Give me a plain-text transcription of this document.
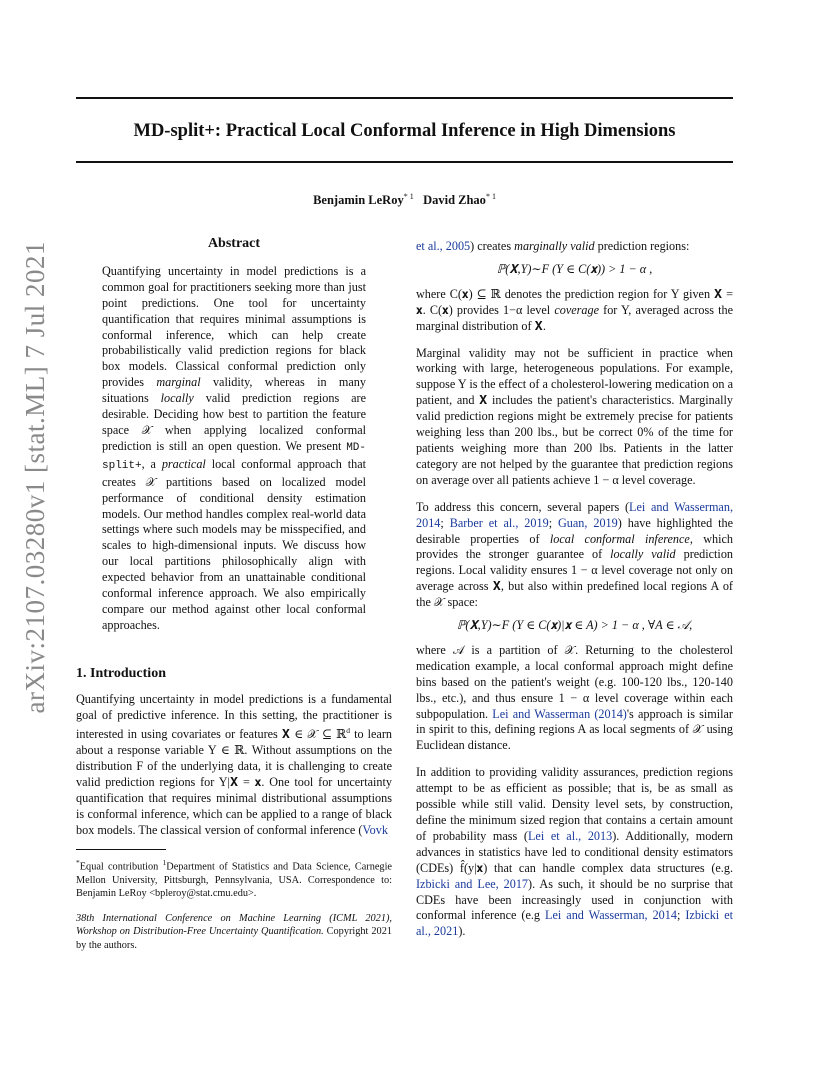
MD-split+: Practical Local Conformal Inference in High Dimensions
Benjamin LeRoy$^{* 1}$ David Zhao$^{* 1}$
arXiv:2107.03280v1 [stat.ML] 7 Jul 2021	Abstract

Quantifying uncertainty in model predictions is a common goal for practitioners seeking more than just point predictions. One tool for uncertainty quantification that requires minimal assumptions is conformal inference, which can help create probabilistically valid prediction regions for black box models. Classical conformal prediction only provides marginal validity, whereas in many situations locally valid prediction regions are desirable. Deciding how best to partition the feature space 𝒳 when applying localized conformal prediction is still an open question. We present MD-split+, a practical local conformal approach that creates 𝒳 partitions based on localized model performance of conditional density estimation models. Our method handles complex real-world data settings where such models may be misspecified, and scales to high-dimensional inputs. We discuss how our local partitions philosophically align with expected behavior from an unattainable conditional conformal inference approach. We also empirically compare our method against other local conformal approaches.

1. Introduction

Quantifying uncertainty in model predictions is a fundamental goal of predictive inference. In this setting, the practitioner is interested in using covariates or features 𝐗 ∈ 𝒳 ⊆ ℝ$^d$ to learn about a response variable Y ∈ ℝ. Without assumptions on the distribution F of the underlying data, it is challenging to create valid prediction regions for Y|𝐗 = 𝐱. One tool for uncertainty quantification that requires minimal distributional assumptions is conformal inference, which can be applied to a range of black box models. The classical version of conformal inference (Vovk

*Equal contribution $^1$Department of Statistics and Data Science, Carnegie Mellon University, Pittsburgh, Pennsylvania, USA. Correspondence to: Benjamin LeRoy <bpleroy@stat.cmu.edu>.

38th International Conference on Machine Learning (ICML 2021), Workshop on Distribution-Free Uncertainty Quantification. Copyright 2021 by the authors.

et al., 2005) creates marginally valid prediction regions:

ℙ(𝐗,Y)∼F (Y ∈ C(𝐱)) > 1 − α ,

where C(𝐱) ⊆ ℝ denotes the prediction region for Y given 𝐗 = 𝐱. C(𝐱) provides 1−α level coverage for Y, averaged across the marginal distribution of 𝐗.

Marginal validity may not be sufficient in practice when working with large, heterogeneous populations. For example, suppose Y is the effect of a cholesterol-lowering medication on a patient, and 𝐗 includes the patient's characteristics. Marginally valid prediction regions might be extremely precise for patients weighing less than 200 lbs., but be correct 0% of the time for patients weighing more than 200 lbs. Patients in the latter category are not helped by the guarantee that prediction regions on average over all patients achieve 1 − α level coverage.

To address this concern, several papers (Lei and Wasserman, 2014; Barber et al., 2019; Guan, 2019) have highlighted the desirable properties of local conformal inference, which provides the stronger guarantee of locally valid prediction regions. Local validity ensures 1 − α level coverage not only on average across 𝐗, but also within predefined local regions A of the 𝒳 space:

ℙ(𝐗,Y)∼F (Y ∈ C(𝐱)|𝐱 ∈ A) > 1 − α , ∀A ∈ 𝒜,

where 𝒜 is a partition of 𝒳. Returning to the cholesterol medication example, a local conformal approach might define bins based on the patient's weight (e.g. 100-120 lbs., 120-140 lbs., etc.), and thus ensure 1 − α level coverage within each subpopulation. Lei and Wasserman (2014)'s approach is similar in spirit to this, defining regions A as local segments of 𝒳 using Euclidean distance.

In addition to providing validity assurances, prediction regions attempt to be as efficient as possible; that is, be as small as possible while still valid. Density level sets, by construction, define the minimum sized region that contains a certain amount of probability mass (Lei et al., 2013). Additionally, modern advances in statistics have led to conditional density estimators (CDEs) f̂(y|𝐱) that can handle complex data structures (e.g. Izbicki and Lee, 2017). As such, it should be no surprise that CDEs have been increasingly used in conjunction with conformal inference (e.g Lei and Wasserman, 2014; Izbicki et al., 2021).
